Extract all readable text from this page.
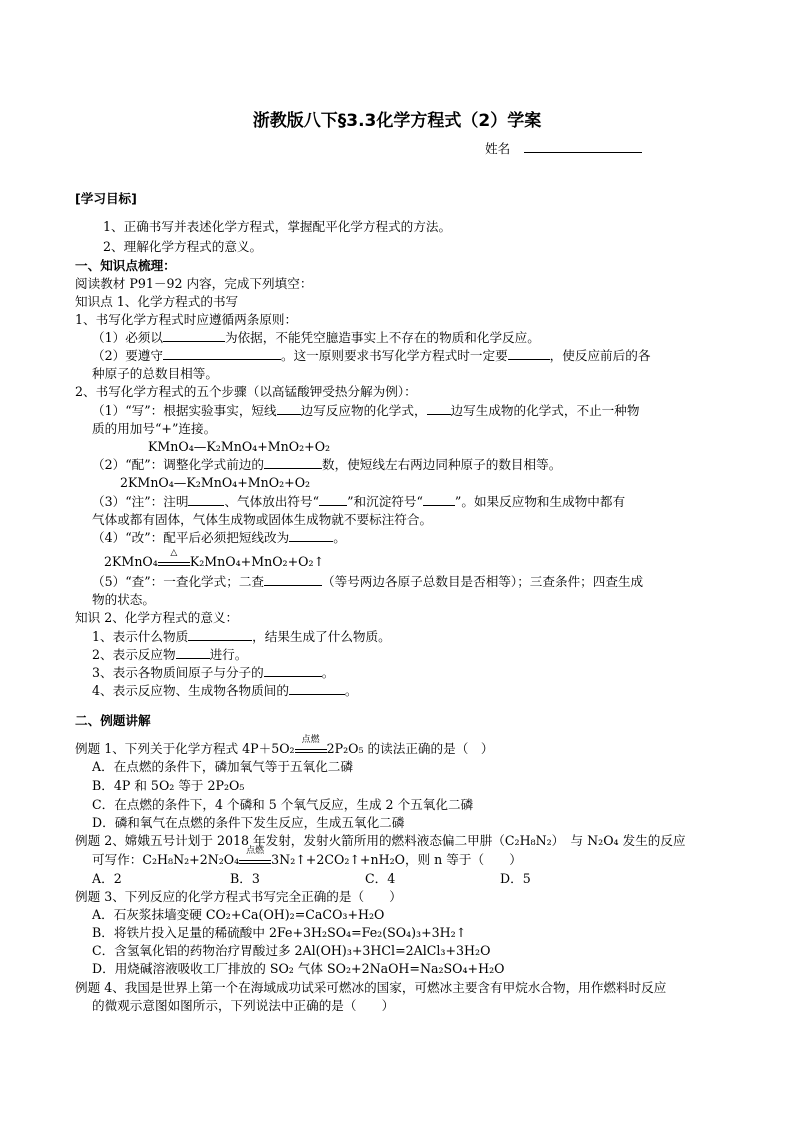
浙教版八下§3.3化学方程式（2）学案
姓名
[学习目标]
1、正确书写并表述化学方程式，掌握配平化学方程式的方法。
2、理解化学方程式的意义。
一、知识点梳理：
阅读教材 P91－92 内容，完成下列填空：
知识点 1、化学方程式的书写
1、书写化学方程式时应遵循两条原则：
（1）必须以	为依据，不能凭空臆造事实上不存在的物质和化学反应。
（2）要遵守	。这一原则要求书写化学方程式时一定要	，使反应前后的各
种原子的总数目相等。
2、书写化学方程式的五个步骤（以高锰酸钾受热分解为例）：
（1）“写”：根据实验事实，短线 边写反应物的化学式， 边写生成物的化学式，不止一种物
质的用加号“+”连接。
KMnO₄—K₂MnO₄+MnO₂+O₂
（2）“配”：调整化学式前边的	数，使短线左右两边同种原子的数目相等。
2KMnO₄—K₂MnO₄+MnO₂+O₂
（3）“注”：注明	、气体放出符号“ ”和沉淀符号“	”。如果反应物和生成物中都有
气体或都有固体，气体生成物或固体生成物就不要标注符合。
（4）“改”：配平后必须把短线改为	。
2KMnO₄
△
K₂MnO₄+MnO₂+O₂↑
（5）“查”：一查化学式；二查	（等号两边各原子总数目是否相等）；三查条件；四查生成
物的状态。
知识 2、化学方程式的意义：
1、表示什么物质	，结果生成了什么物质。
2、表示反应物	进行。
3、表示各物质间原子与分子的	。
4、表示反应物、生成物各物质间的	。
二、例题讲解
例题 1、下列关于化学方程式 4P＋5O₂
点燃
2P₂O₅ 的读法正确的是（　）
A．在点燃的条件下，磷加氧气等于五氧化二磷
B．4P 和 5O₂ 等于 2P₂O₅
C．在点燃的条件下，4 个磷和 5 个氧气反应，生成 2 个五氧化二磷
D．磷和氧气在点燃的条件下发生反应，生成五氧化二磷
例题 2、嫦娥五号计划于 2018 年发射，发射火箭所用的燃料液态偏二甲肼（C₂H₈N₂）　与 N₂O₄ 发生的反应
可写作：C₂H₈N₂+2N₂O₄
点燃
3N₂↑+2CO₂↑+nH₂O，则 n 等于（　　）
A．2	B．3	C．4	D．5
例题 3、下列反应的化学方程式书写完全正确的是（　　）
A．石灰浆抹墙变硬 CO₂+Ca(OH)₂=CaCO₃+H₂O
B．将铁片投入足量的稀硫酸中 2Fe+3H₂SO₄=Fe₂(SO₄)₃+3H₂↑
C．含氢氧化铝的药物治疗胃酸过多 2Al(OH)₃+3HCl=2AlCl₃+3H₂O
D．用烧碱溶液吸收工厂排放的 SO₂ 气体 SO₂+2NaOH=Na₂SO₄+H₂O
例题 4、我国是世界上第一个在海域成功试采可燃冰的国家，可燃冰主要含有甲烷水合物，用作燃料时反应
的微观示意图如图所示，下列说法中正确的是（　　）
